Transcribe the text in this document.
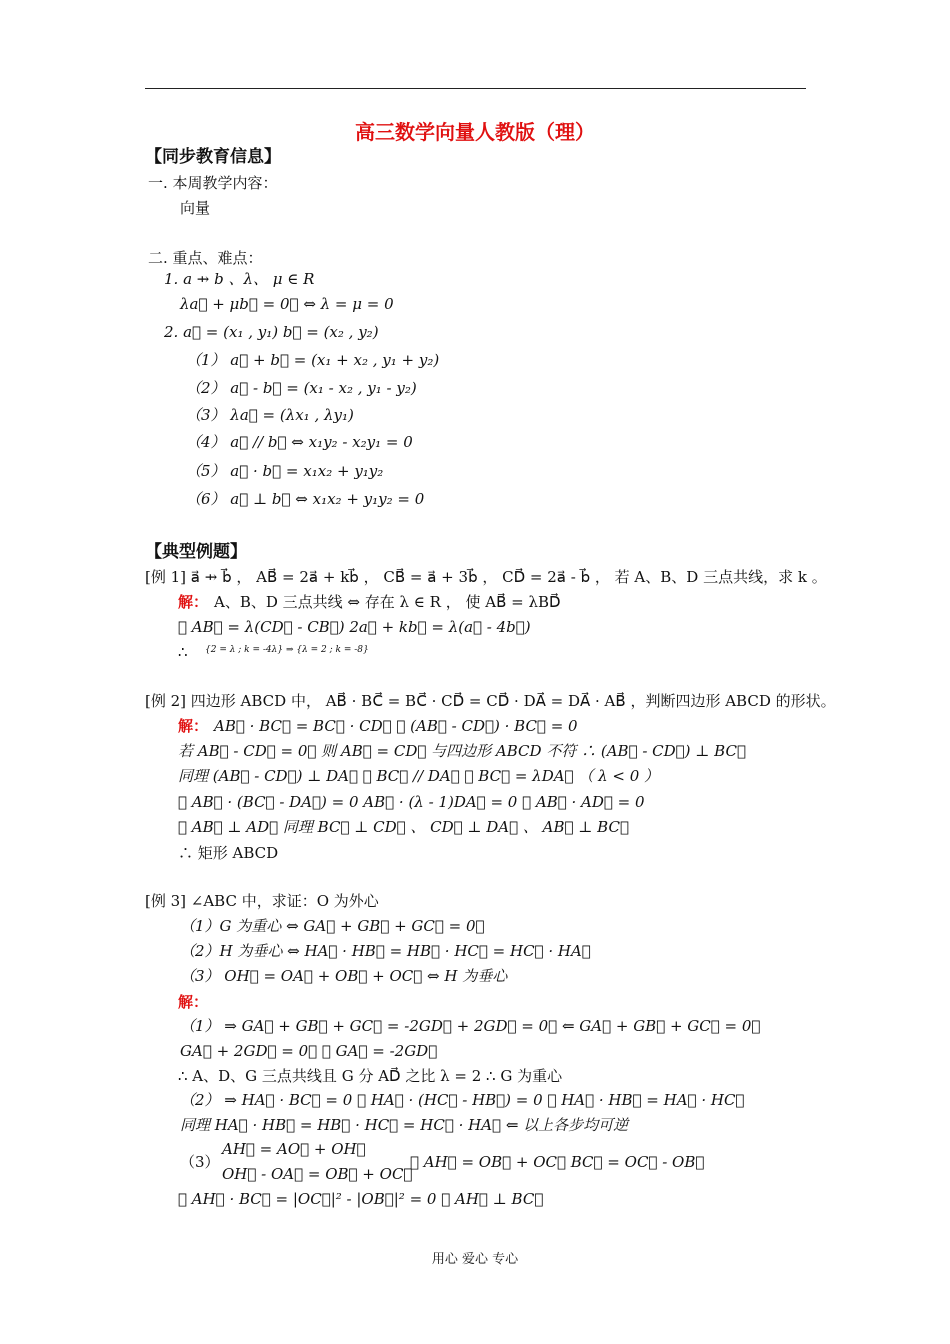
高三数学向量人教版（理）
【同步教育信息】
一. 本周教学内容：
向量
二. 重点、难点：
1. a ⇸ b 、λ、 μ ∈ R
λa⃗ + μb⃗ = 0⃗ ⇔ λ = μ = 0
2. a⃗ = (x₁ , y₁) b⃗ = (x₂ , y₂)
（1） a⃗ + b⃗ = (x₁ + x₂ , y₁ + y₂)
（2） a⃗ - b⃗ = (x₁ - x₂ , y₁ - y₂)
（3） λa⃗ = (λx₁ , λy₁)
（4） a⃗ // b⃗ ⇔ x₁y₂ - x₂y₁ = 0
（5） a⃗ · b⃗ = x₁x₂ + y₁y₂
（6） a⃗ ⊥ b⃗ ⇔ x₁x₂ + y₁y₂ = 0
【典型例题】
[例 1] a⃗ ⇸ b⃗ ， AB⃗ = 2a⃗ + kb⃗ ， CB⃗ = a⃗ + 3b⃗ ， CD⃗ = 2a⃗ - b⃗ ， 若 A、B、D 三点共线，求 k 。
解： A、B、D 三点共线 ⇔ 存在 λ ∈ R ， 使 AB⃗ = λBD⃗
∴ AB⃗ = λ(CD⃗ - CB⃗) 2a⃗ + kb⃗ = λ(a⃗ - 4b⃗)
∴ {2 = λ ; k = -4λ} ⇒ {λ = 2 ; k = -8}
[例 2] 四边形 ABCD 中， AB⃗ · BC⃗ = BC⃗ · CD⃗ = CD⃗ · DA⃗ = DA⃗ · AB⃗ ，判断四边形 ABCD 的形状。
解： AB⃗ · BC⃗ = BC⃗ · CD⃗ ∴ (AB⃗ - CD⃗) · BC⃗ = 0
若 AB⃗ - CD⃗ = 0⃗ 则 AB⃗ = CD⃗ 与四边形 ABCD 不符 ∴ (AB⃗ - CD⃗) ⊥ BC⃗
同理 (AB⃗ - CD⃗) ⊥ DA⃗ ∴ BC⃗ // DA⃗ ∴ BC⃗ = λDA⃗ （ λ < 0 ）
∴ AB⃗ · (BC⃗ - DA⃗) = 0 AB⃗ · (λ - 1)DA⃗ = 0 ∴ AB⃗ · AD⃗ = 0
∴ AB⃗ ⊥ AD⃗ 同理 BC⃗ ⊥ CD⃗ 、 CD⃗ ⊥ DA⃗ 、 AB⃗ ⊥ BC⃗
∴ 矩形 ABCD
[例 3] ∠ABC 中，求证：O 为外心
（1）G 为重心 ⇔ GA⃗ + GB⃗ + GC⃗ = 0⃗
（2）H 为垂心 ⇔ HA⃗ · HB⃗ = HB⃗ · HC⃗ = HC⃗ · HA⃗
（3） OH⃗ = OA⃗ + OB⃗ + OC⃗ ⇔ H 为垂心
解：
（1） ⇒ GA⃗ + GB⃗ + GC⃗ = -2GD⃗ + 2GD⃗ = 0⃗ ⇐ GA⃗ + GB⃗ + GC⃗ = 0⃗
GA⃗ + 2GD⃗ = 0⃗ ∴ GA⃗ = -2GD⃗
∴ A、D、G 三点共线且 G 分 AD⃗ 之比 λ = 2 ∴ G 为重心
（2） ⇒ HA⃗ · BC⃗ = 0 ∴ HA⃗ · (HC⃗ - HB⃗) = 0 ∴ HA⃗ · HB⃗ = HA⃗ · HC⃗
同理 HA⃗ · HB⃗ = HB⃗ · HC⃗ = HC⃗ · HA⃗ ⇐ 以上各步均可逆
AH⃗ = AO⃗ + OH⃗
（3）
OH⃗ - OA⃗ = OB⃗ + OC⃗
∴ AH⃗ = OB⃗ + OC⃗ BC⃗ = OC⃗ - OB⃗
∴ AH⃗ · BC⃗ = |OC⃗|² - |OB⃗|² = 0 ∴ AH⃗ ⊥ BC⃗
用心 爱心 专心
